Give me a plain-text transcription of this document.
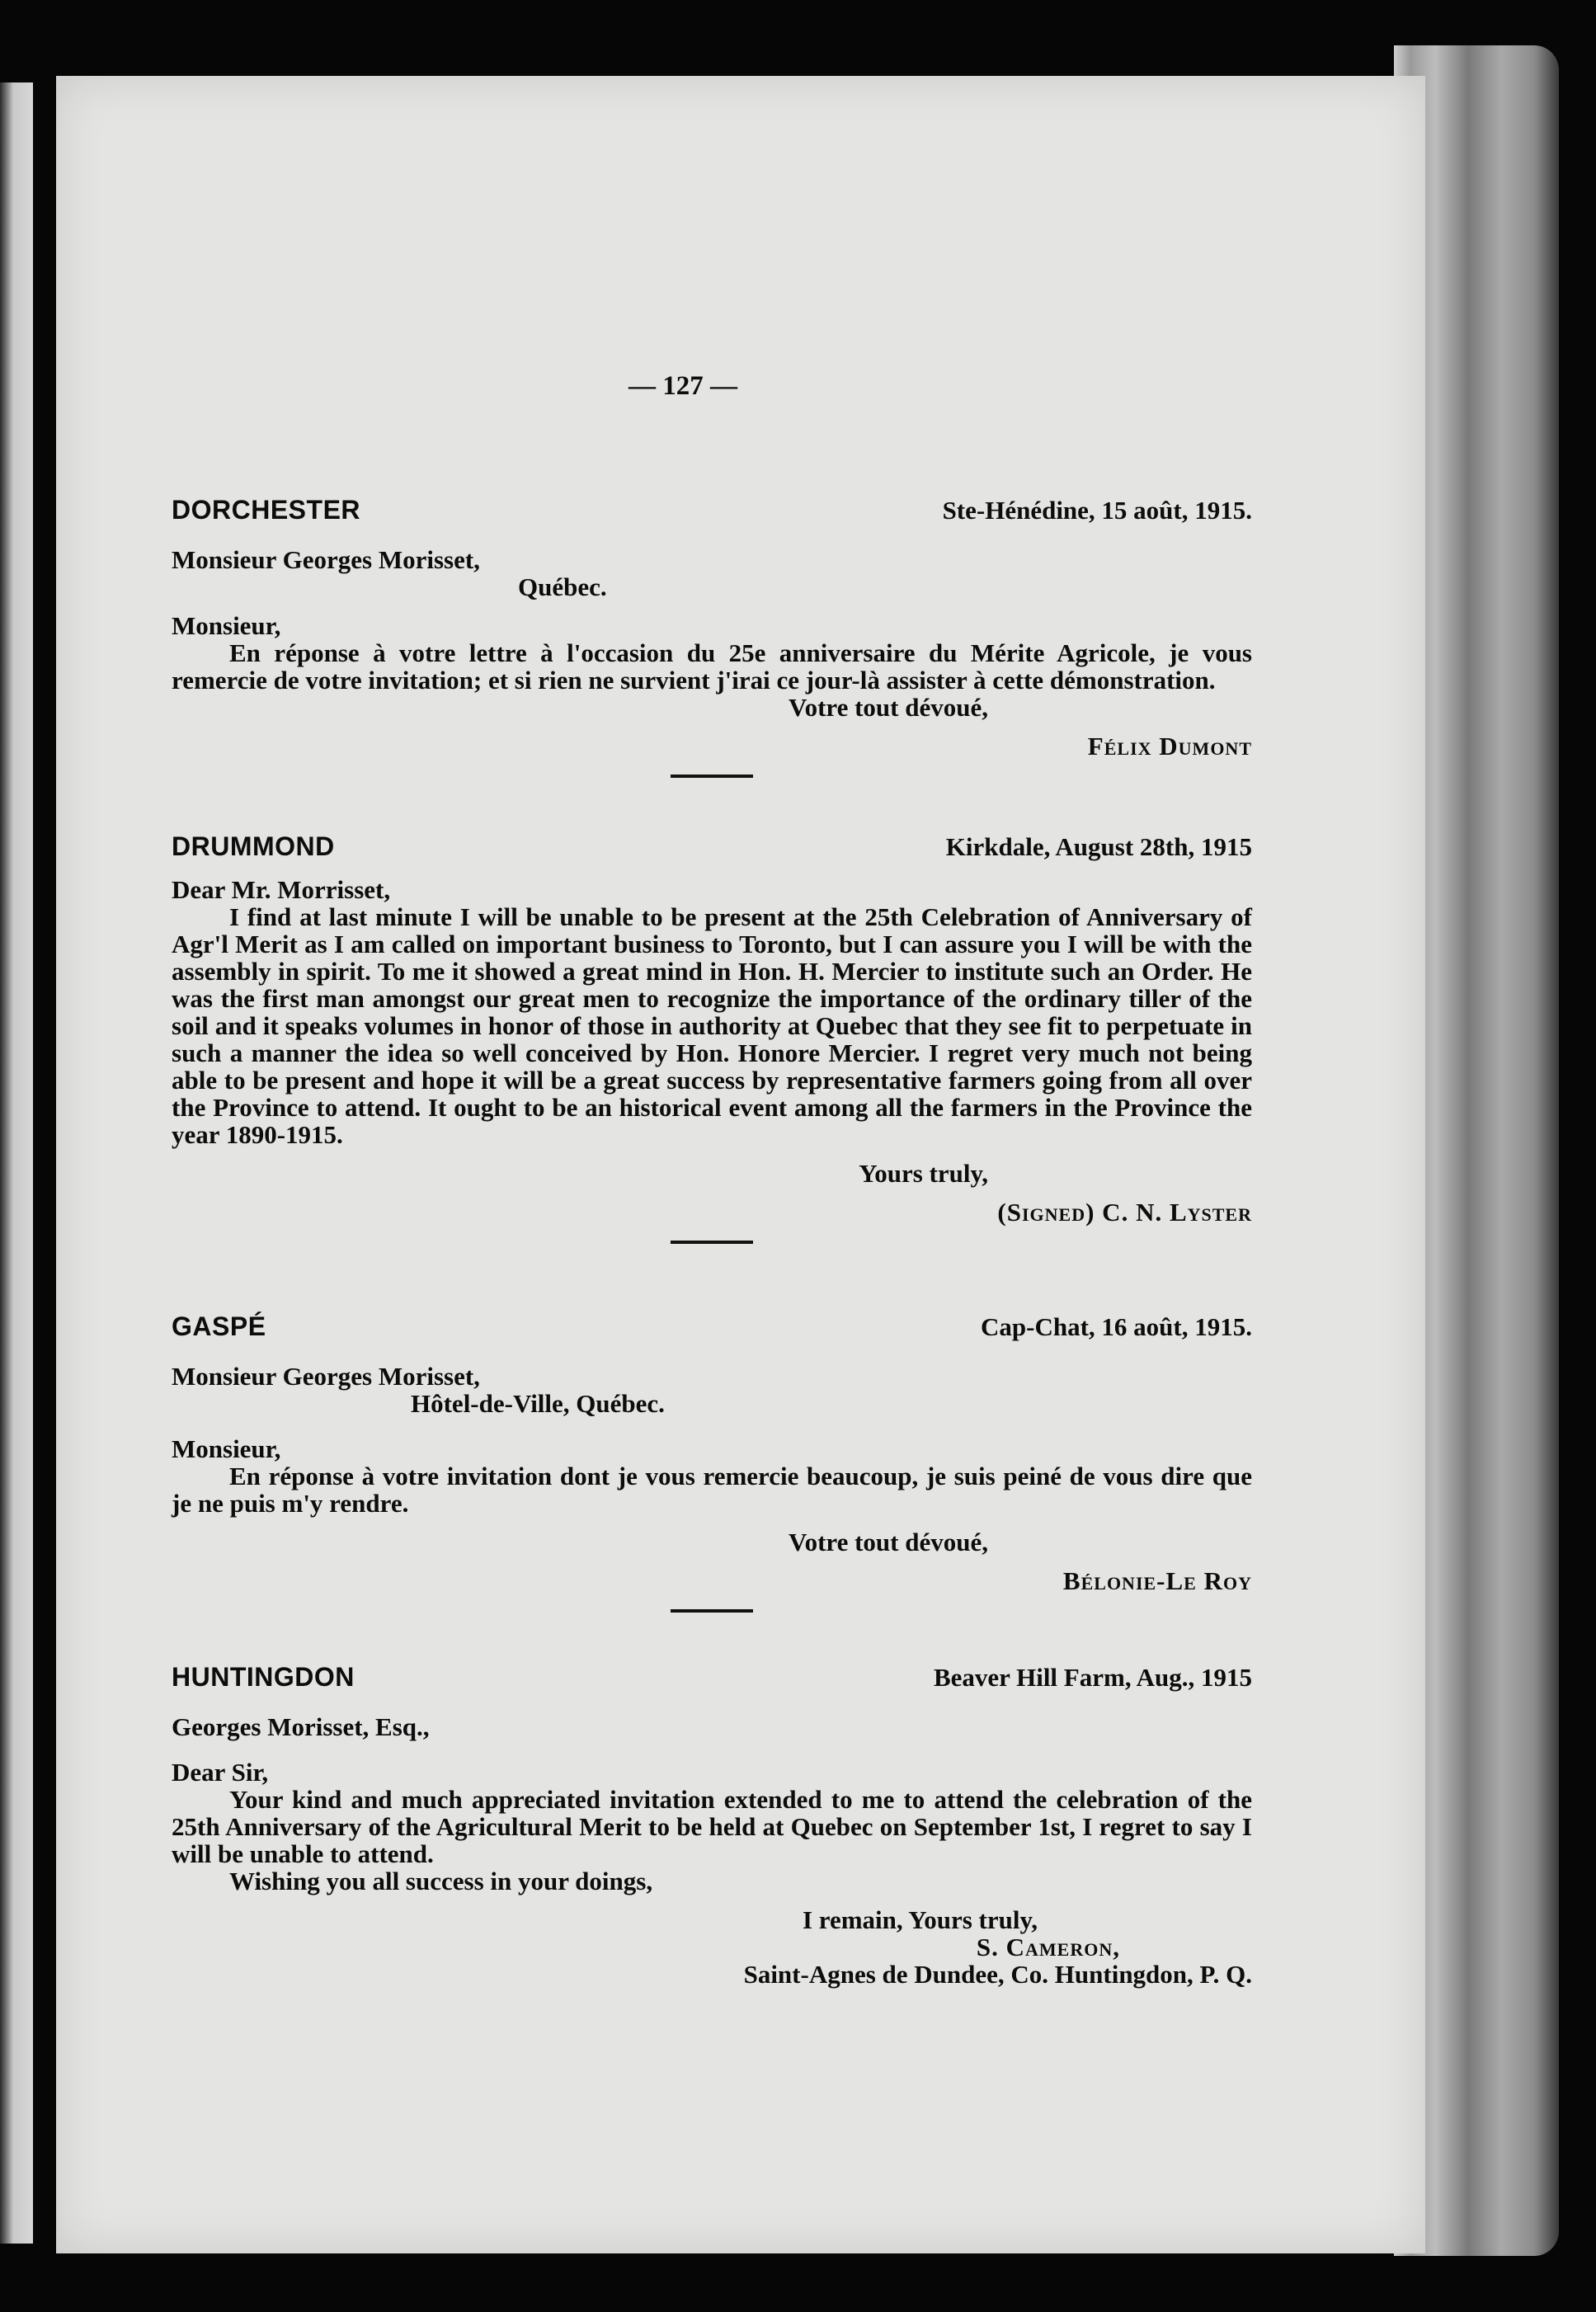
— 127 —
DORCHESTER	Ste-Hénédine, 15 août, 1915.
Monsieur Georges Morisset,
Québec.
Monsieur,
En réponse à votre lettre à l'occasion du 25e anniversaire du Mérite Agricole, je vous remercie de votre invitation; et si rien ne survient j'irai ce jour-là assister à cette démonstration.
Votre tout dévoué,
Félix Dumont
DRUMMOND	Kirkdale, August 28th, 1915
Dear Mr. Morrisset,
I find at last minute I will be unable to be present at the 25th Celebration of Anniversary of Agr'l Merit as I am called on important business to Toronto, but I can assure you I will be with the assembly in spirit. To me it showed a great mind in Hon. H. Mercier to institute such an Order. He was the first man amongst our great men to recognize the importance of the ordinary tiller of the soil and it speaks volumes in honor of those in authority at Quebec that they see fit to perpetuate in such a manner the idea so well conceived by Hon. Honore Mercier. I regret very much not being able to be present and hope it will be a great success by representative farmers going from all over the Province to attend. It ought to be an historical event among all the farmers in the Province the year 1890-1915.
Yours truly,
(Signed) C. N. Lyster
GASPÉ	Cap-Chat, 16 août, 1915.
Monsieur Georges Morisset,
Hôtel-de-Ville, Québec.
Monsieur,
En réponse à votre invitation dont je vous remercie beaucoup, je suis peiné de vous dire que je ne puis m'y rendre.
Votre tout dévoué,
Bélonie-Le Roy
HUNTINGDON	Beaver Hill Farm, Aug., 1915
Georges Morisset, Esq.,
Dear Sir,
Your kind and much appreciated invitation extended to me to attend the celebration of the 25th Anniversary of the Agricultural Merit to be held at Quebec on September 1st, I regret to say I will be unable to attend.
Wishing you all success in your doings,
I remain, Yours truly,
S. Cameron,
Saint-Agnes de Dundee, Co. Huntingdon, P. Q.
